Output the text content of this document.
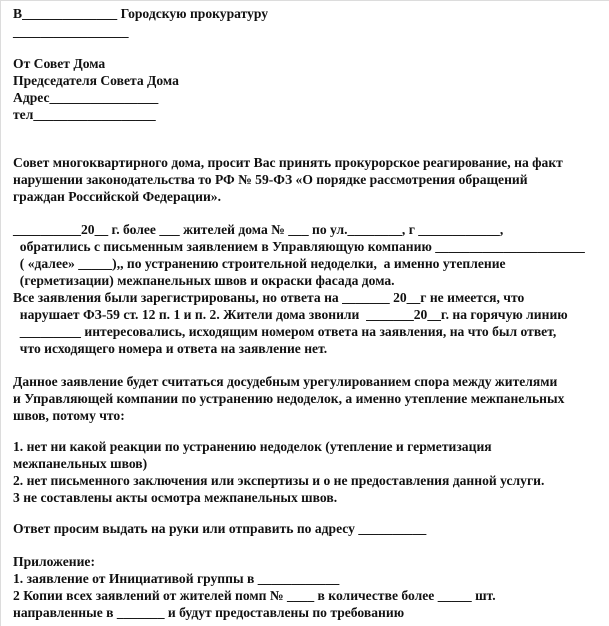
В______________ Городскую прокуратуру
_________________
От Совет Дома
Председателя Совета Дома
Адрес________________
тел__________________
Совет многоквартирного дома, просит Вас принять прокурорское реагирование, на факт
нарушении законодательства то РФ № 59-ФЗ «О порядке рассмотрения обращений
граждан Российской Федерации».
__________20__ г. более ___ жителей дома № ___ по ул.________, г ____________,
обратились с письменным заявлением в Управляющую компанию ______________________
( «далее» _____),, по устранению строительной недоделки,  а именно утепление
(герметизации) межпанельных швов и окраски фасада дома.
Все заявления были зарегистрированы, но ответа на _______ 20__г не имеется, что
нарушает ФЗ-59 ст. 12 п. 1 и п. 2. Жители дома звонили  _______20__г. на горячую линию
_________ интересовались, исходящим номером ответа на заявления, на что был ответ,
что исходящего номера и ответа на заявление нет.
Данное заявление будет считаться досудебным урегулированием спора между жителями
и Управляющей компании по устранению недоделок, а именно утепление межпанельных
швов, потому что:
1. нет ни какой реакции по устранению недоделок (утепление и герметизация
межпанельных швов)
2. нет письменного заключения или экспертизы и о не предоставления данной услуги.
3 не составлены акты осмотра межпанельных швов.
Ответ просим выдать на руки или отправить по адресу __________
Приложение:
1. заявление от Инициативой группы в ____________
2 Копии всех заявлений от жителей помп № ____ в количестве более _____ шт.
направленные в _______ и будут предоставлены по требованию
